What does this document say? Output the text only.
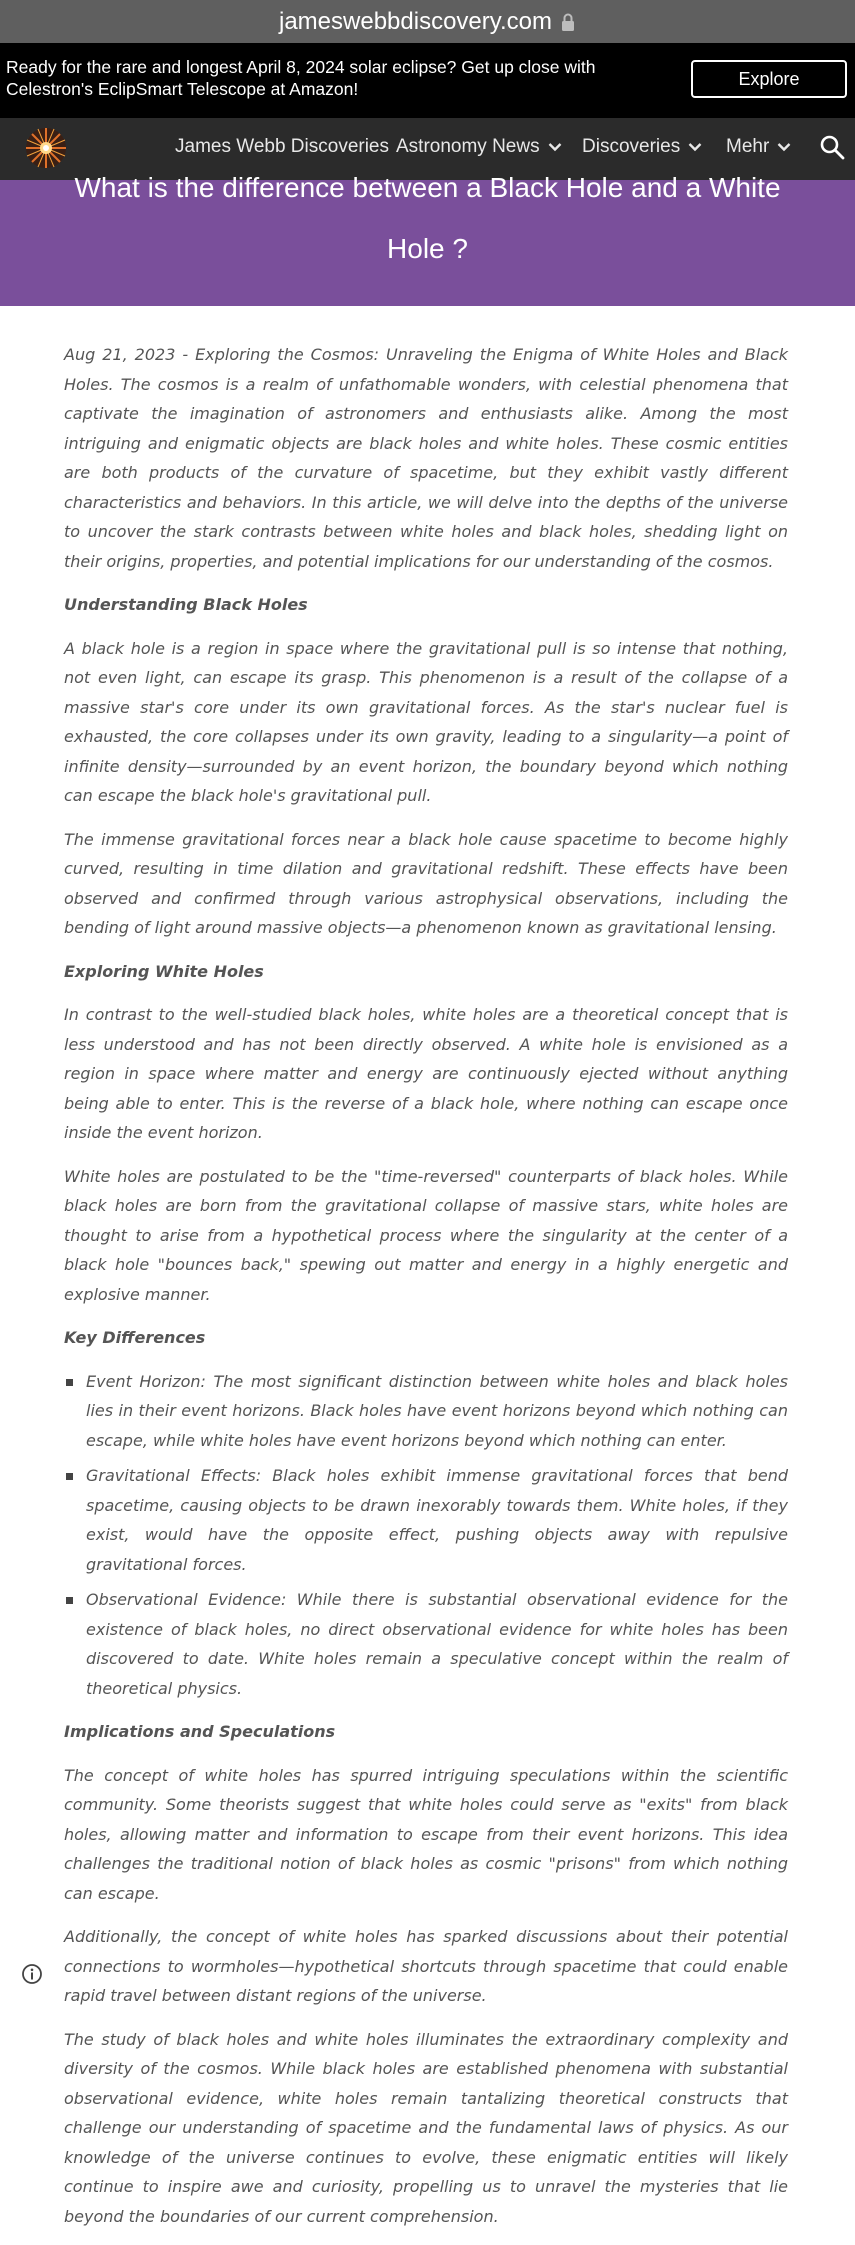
jameswebbdiscovery.com
Ready for the rare and longest April 8, 2024 solar eclipse? Get up close with Celestron's EclipSmart Telescope at Amazon!
Explore
James Webb Discoveries Astronomy News Discoveries Mehr
What is the difference between a Black Hole and a White Hole ?

Aug 21, 2023 - Exploring the Cosmos: Unraveling the Enigma of White Holes and Black Holes. The cosmos is a realm of unfathomable wonders, with celestial phenomena that captivate the imagination of astronomers and enthusiasts alike. Among the most intriguing and enigmatic objects are black holes and white holes. These cosmic entities are both products of the curvature of spacetime, but they exhibit vastly different characteristics and behaviors. In this article, we will delve into the depths of the universe to uncover the stark contrasts between white holes and black holes, shedding light on their origins, properties, and potential implications for our understanding of the cosmos.

Understanding Black Holes

A black hole is a region in space where the gravitational pull is so intense that nothing, not even light, can escape its grasp. This phenomenon is a result of the collapse of a massive star's core under its own gravitational forces. As the star's nuclear fuel is exhausted, the core collapses under its own gravity, leading to a singularity—a point of infinite density—surrounded by an event horizon, the boundary beyond which nothing can escape the black hole's gravitational pull.

The immense gravitational forces near a black hole cause spacetime to become highly curved, resulting in time dilation and gravitational redshift. These effects have been observed and confirmed through various astrophysical observations, including the bending of light around massive objects—a phenomenon known as gravitational lensing.

Exploring White Holes

In contrast to the well-studied black holes, white holes are a theoretical concept that is less understood and has not been directly observed. A white hole is envisioned as a region in space where matter and energy are continuously ejected without anything being able to enter. This is the reverse of a black hole, where nothing can escape once inside the event horizon.

White holes are postulated to be the "time-reversed" counterparts of black holes. While black holes are born from the gravitational collapse of massive stars, white holes are thought to arise from a hypothetical process where the singularity at the center of a black hole "bounces back," spewing out matter and energy in a highly energetic and explosive manner.

Key Differences
Event Horizon: The most significant distinction between white holes and black holes lies in their event horizons. Black holes have event horizons beyond which nothing can escape, while white holes have event horizons beyond which nothing can enter.
Gravitational Effects: Black holes exhibit immense gravitational forces that bend spacetime, causing objects to be drawn inexorably towards them. White holes, if they exist, would have the opposite effect, pushing objects away with repulsive gravitational forces.
Observational Evidence: While there is substantial observational evidence for the existence of black holes, no direct observational evidence for white holes has been discovered to date. White holes remain a speculative concept within the realm of theoretical physics.
Implications and Speculations

The concept of white holes has spurred intriguing speculations within the scientific community. Some theorists suggest that white holes could serve as "exits" from black holes, allowing matter and information to escape from their event horizons. This idea challenges the traditional notion of black holes as cosmic "prisons" from which nothing can escape.

Additionally, the concept of white holes has sparked discussions about their potential connections to wormholes—hypothetical shortcuts through spacetime that could enable rapid travel between distant regions of the universe.

The study of black holes and white holes illuminates the extraordinary complexity and diversity of the cosmos. While black holes are established phenomena with substantial observational evidence, white holes remain tantalizing theoretical constructs that challenge our understanding of spacetime and the fundamental laws of physics. As our knowledge of the universe continues to evolve, these enigmatic entities will likely continue to inspire awe and curiosity, propelling us to unravel the mysteries that lie beyond the boundaries of our current comprehension.
